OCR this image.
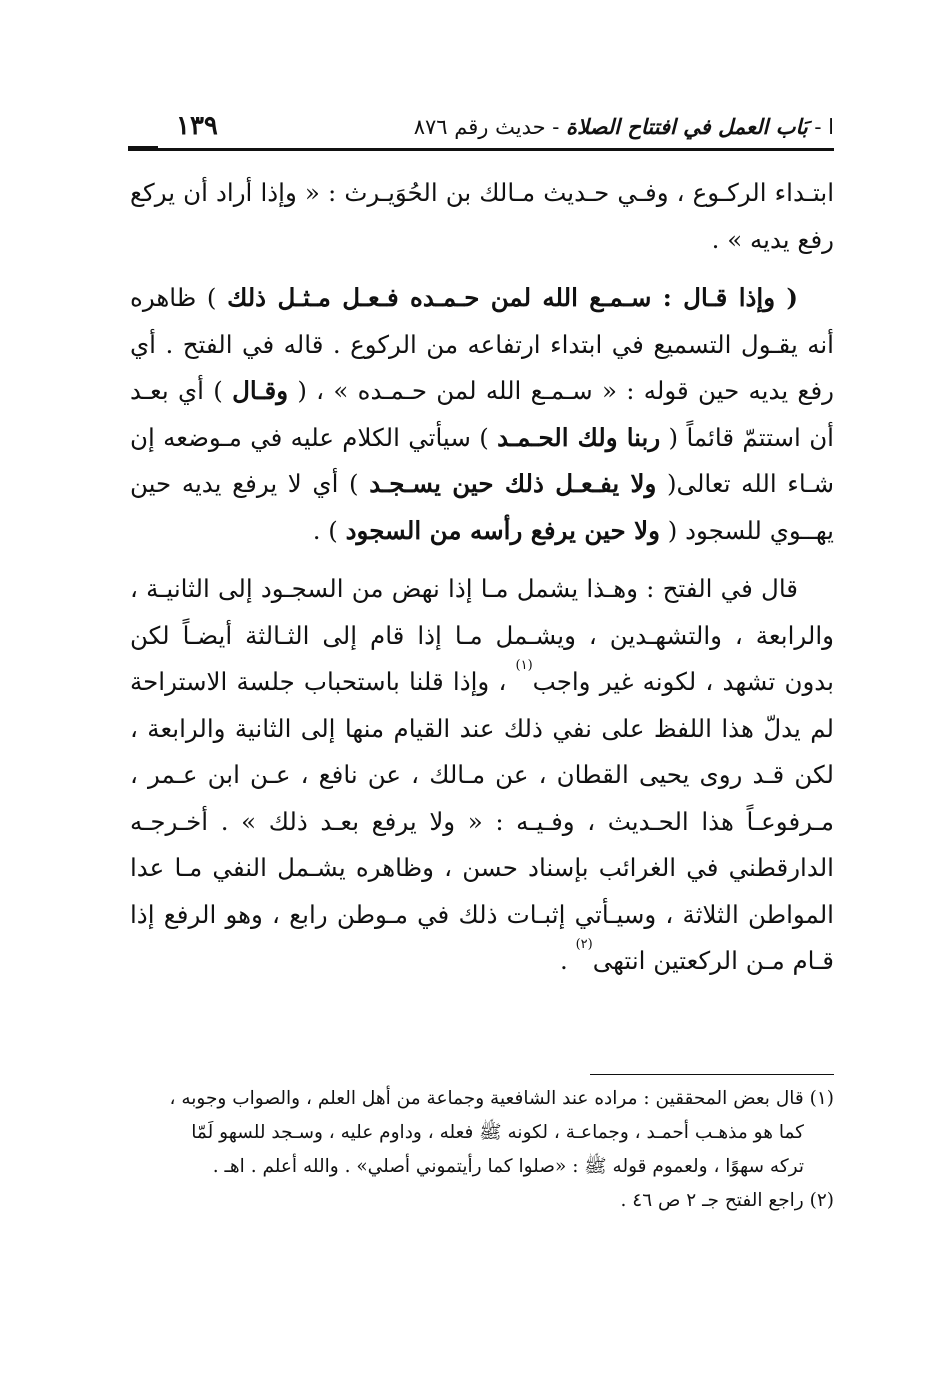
١٣٩	ا - بَاب العمل في افتتاح الصلاة - حديث رقم ٨٧٦

ابتـداء الركـوع ، وفـي حـديث مـالك بن الحُوَيـرث : « وإذا أراد أن يركع رفع يديه » .

( وإذا قـال : سـمـع الله لمن حـمـده فـعـل مـثـل ذلك ) ظاهره أنه يقـول التسميع في ابتداء ارتفاعه من الركوع . قاله في الفتح . أي رفع يديه حين قوله : « سـمـع الله لمن حـمـده » ، ( وقـال ) أي بعـد أن استتمّ قائماً ( ربنا ولك الحـمـد ) سيأتي الكلام عليه في مـوضعه إن شـاء الله تعالى( ولا يفـعـل ذلك حين يسـجـد ) أي لا يرفع يديه حين يهــوي للسجود ( ولا حين يرفع رأسه من السجود ) .

قال في الفتح : وهـذا يشمل مـا إذا نهض من السجـود إلى الثانيـة ، والرابعة ، والتشهـدين ، ويشـمل مـا إذا قام إلى الثـالثة أيضـاً لكن بدون تشهد ، لكونه غير واجب$^{(١)}$ ، وإذا قلنا باستحباب جلسة الاستراحة لم يدلّ هذا اللفظ على نفي ذلك عند القيام منها إلى الثانية والرابعة ، لكن قـد روى يحيى القطان ، عن مـالك ، عن نافع ، عـن ابن عـمر ، مـرفوعـاً هذا الحـديث ، وفـيـه : « ولا يرفع بعـد ذلك » . أخـرجـه الدارقطني في الغرائب بإسناد حسن ، وظاهره يشـمل النفي مـا عدا المواطن الثلاثة ، وسيـأتي إثبـات ذلك في مـوطن رابع ، وهو الرفع إذا قـام مـن الركعتين انتهى$^{(٢)}$ .

(١) قال بعض المحققين : مراده عند الشافعية وجماعة من أهل العلم ، والصواب وجوبه ،

كما هو مذهـب أحمـد ، وجماعـة ، لكونه ﷺ فعله ، وداوم عليه ، وسـجد للسهو لَمّا

تركه سهوًا ، ولعموم قوله ﷺ : «صلوا كما رأيتموني أصلي» . والله أعلم . اهـ .

(٢) راجع الفتح جـ ٢ ص ٤٦ .
